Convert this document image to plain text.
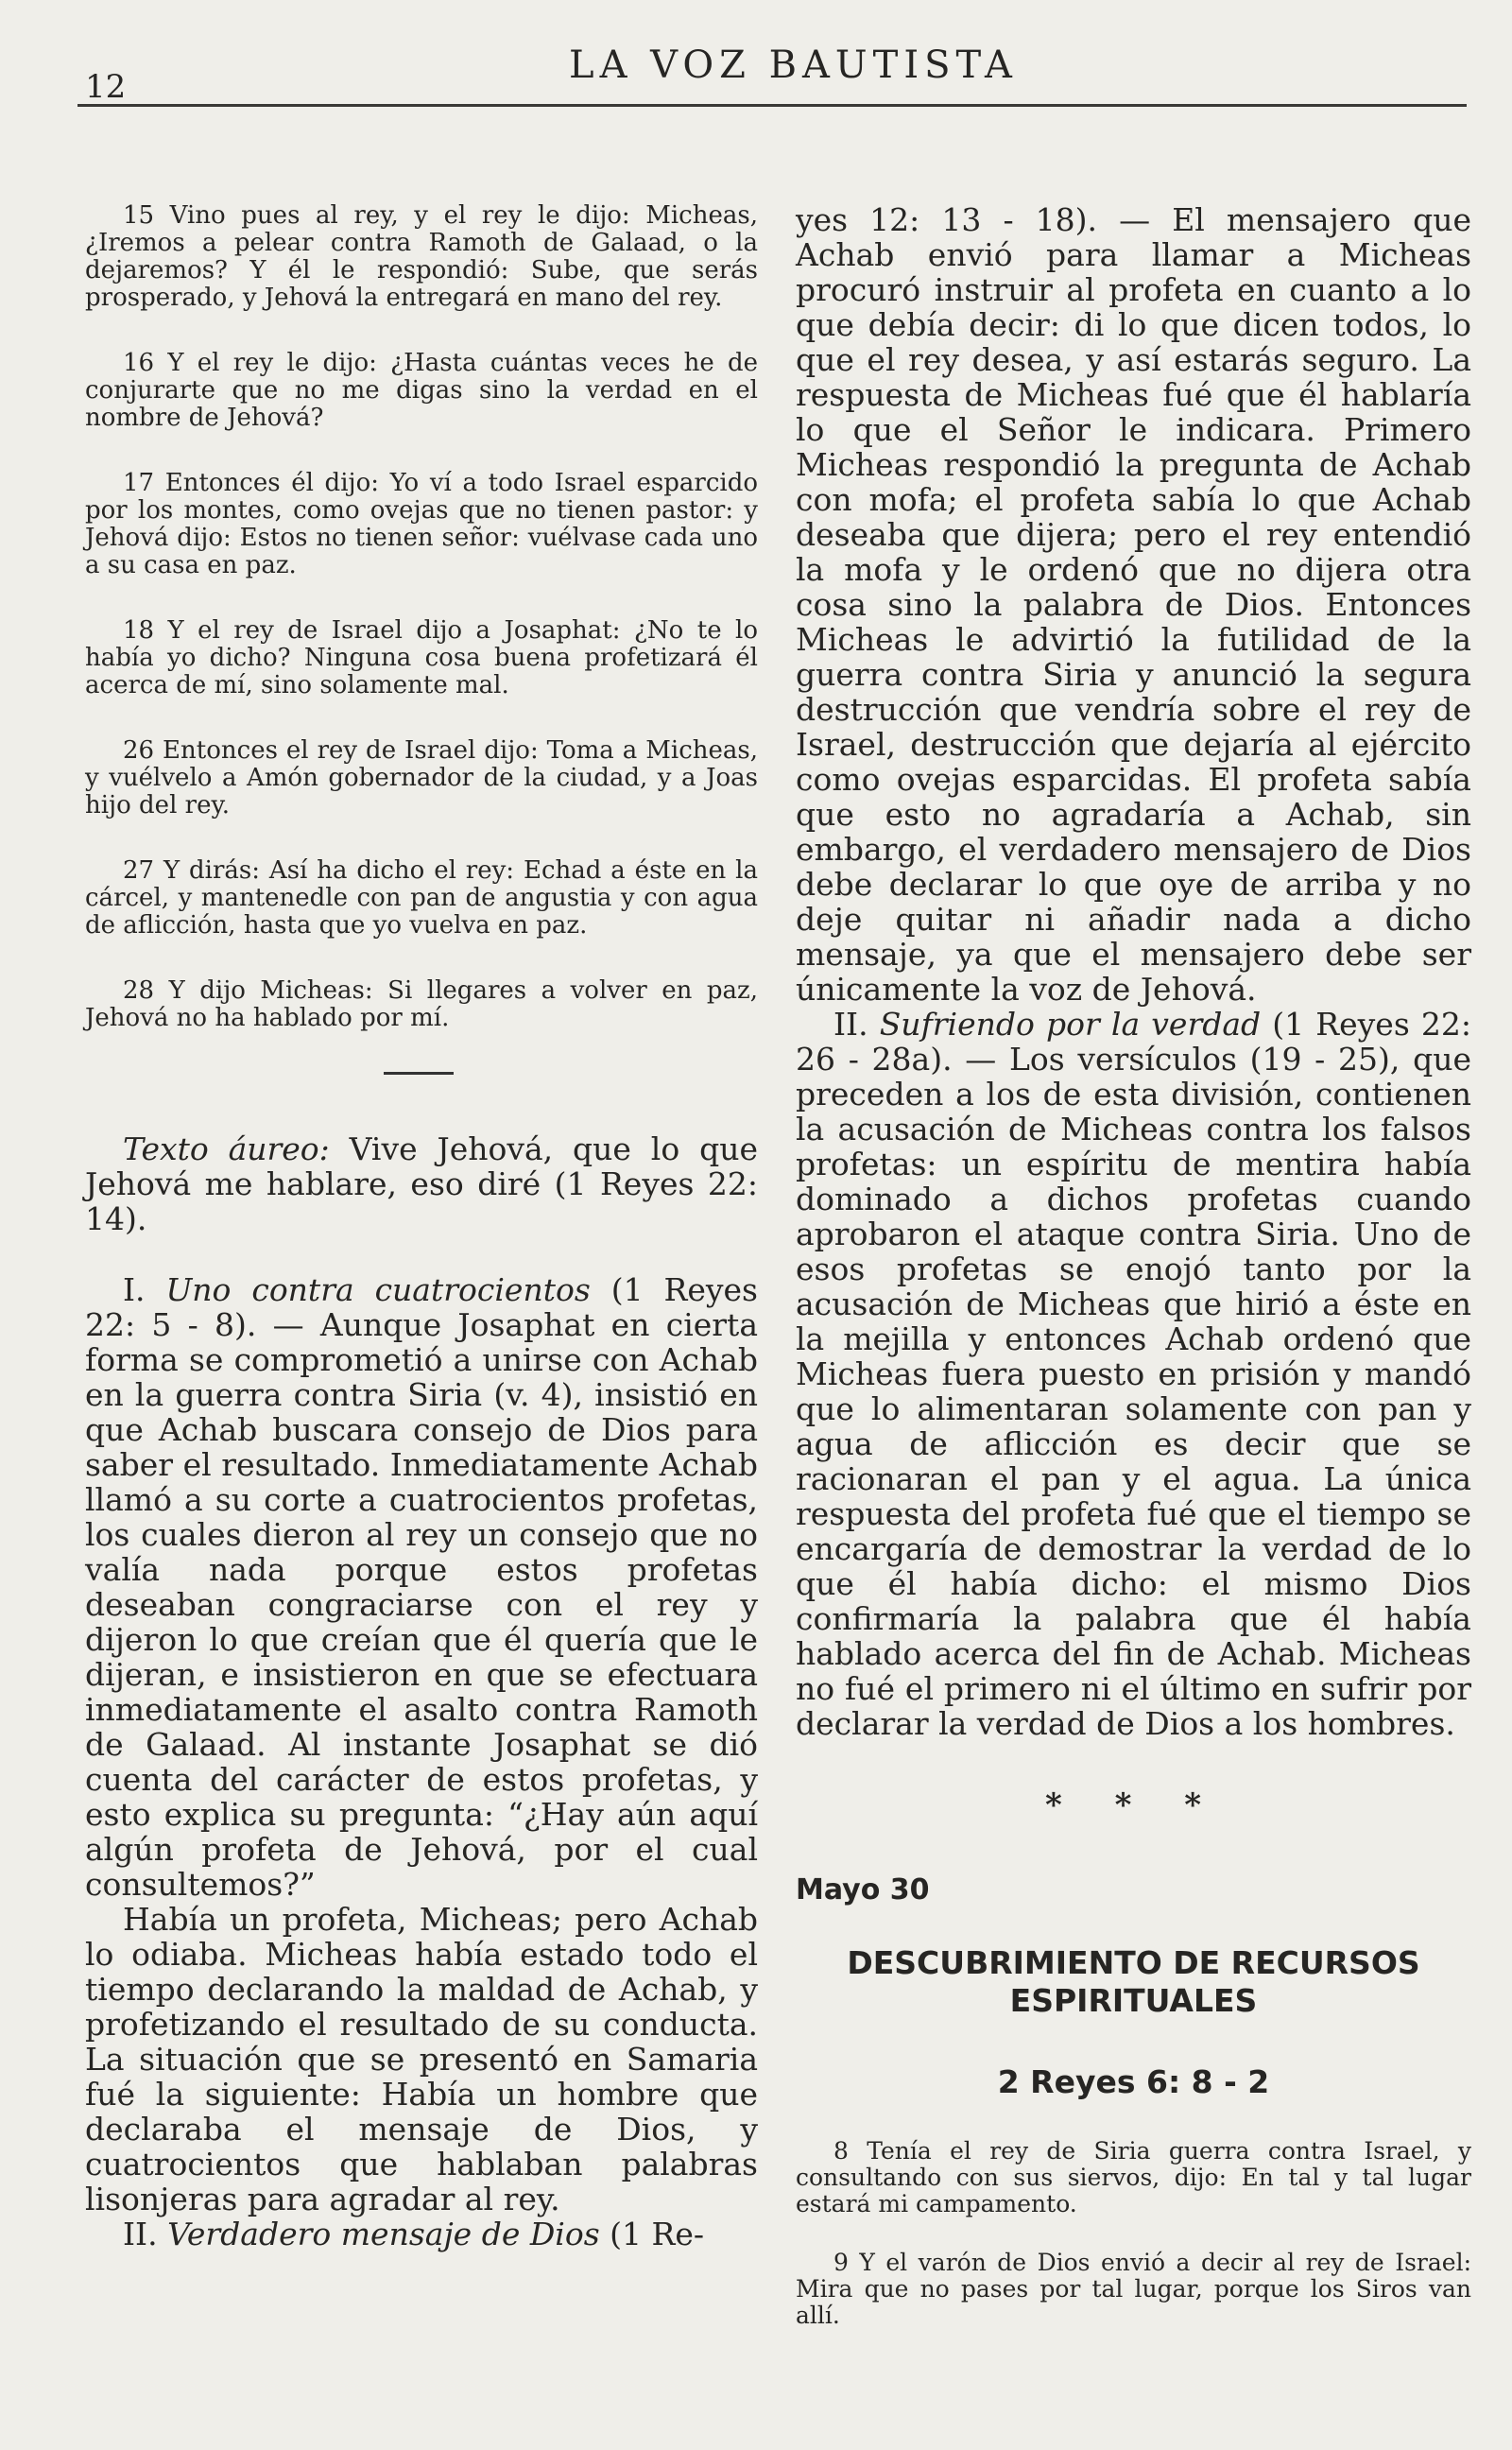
12	LA VOZ BAUTISTA

15 Vino pues al rey, y el rey le dijo: Micheas, ¿Iremos a pelear contra Ramoth de Galaad, o la dejaremos? Y él le respondió: Sube, que serás prosperado, y Jehová la entregará en mano del rey.

16 Y el rey le dijo: ¿Hasta cuántas veces he de conjurarte que no me digas sino la verdad en el nombre de Jehová?

17 Entonces él dijo: Yo ví a todo Israel esparcido por los montes, como ovejas que no tienen pastor: y Jehová dijo: Estos no tienen señor: vuélvase cada uno a su casa en paz.

18 Y el rey de Israel dijo a Josaphat: ¿No te lo había yo dicho? Ninguna cosa buena profetizará él acerca de mí, sino solamente mal.

26 Entonces el rey de Israel dijo: Toma a Micheas, y vuélvelo a Amón gobernador de la ciudad, y a Joas hijo del rey.

27 Y dirás: Así ha dicho el rey: Echad a éste en la cárcel, y mantenedle con pan de angustia y con agua de aflicción, hasta que yo vuelva en paz.

28 Y dijo Micheas: Si llegares a volver en paz, Jehová no ha hablado por mí.

Texto áureo: Vive Jehová, que lo que Jehová me hablare, eso diré (1 Reyes 22: 14).

I. Uno contra cuatrocientos (1 Reyes 22: 5 - 8). — Aunque Josaphat en cierta forma se comprometió a unirse con Achab en la guerra contra Siria (v. 4), insistió en que Achab buscara consejo de Dios para saber el resultado. Inmediatamente Achab llamó a su corte a cuatrocientos profetas, los cuales dieron al rey un consejo que no valía nada porque estos profetas deseaban congraciarse con el rey y dijeron lo que creían que él quería que le dijeran, e insistieron en que se efectuara inmediatamente el asalto contra Ramoth de Galaad. Al instante Josaphat se dió cuenta del carácter de estos profetas, y esto explica su pregunta: “¿Hay aún aquí algún profeta de Jehová, por el cual consultemos?”

Había un profeta, Micheas; pero Achab lo odiaba. Micheas había estado todo el tiempo declarando la maldad de Achab, y profetizando el resultado de su conducta. La situación que se presentó en Samaria fué la siguiente: Había un hombre que declaraba el mensaje de Dios, y cuatrocientos que hablaban palabras lisonjeras para agradar al rey.

II. Verdadero mensaje de Dios (1 Re-

yes 12: 13 - 18). — El mensajero que Achab envió para llamar a Micheas procuró instruir al profeta en cuanto a lo que debía decir: di lo que dicen todos, lo que el rey desea, y así estarás seguro. La respuesta de Micheas fué que él hablaría lo que el Señor le indicara. Primero Micheas respondió la pregunta de Achab con mofa; el profeta sabía lo que Achab deseaba que dijera; pero el rey entendió la mofa y le ordenó que no dijera otra cosa sino la palabra de Dios. Entonces Micheas le advirtió la futilidad de la guerra contra Siria y anunció la segura destrucción que vendría sobre el rey de Israel, destrucción que dejaría al ejército como ovejas esparcidas. El profeta sabía que esto no agradaría a Achab, sin embargo, el verdadero mensajero de Dios debe declarar lo que oye de arriba y no deje quitar ni añadir nada a dicho mensaje, ya que el mensajero debe ser únicamente la voz de Jehová.

II. Sufriendo por la verdad (1 Reyes 22: 26 - 28a). — Los versículos (19 - 25), que preceden a los de esta división, contienen la acusación de Micheas contra los falsos profetas: un espíritu de mentira había dominado a dichos profetas cuando aprobaron el ataque contra Siria. Uno de esos profetas se enojó tanto por la acusación de Micheas que hirió a éste en la mejilla y entonces Achab ordenó que Micheas fuera puesto en prisión y mandó que lo alimentaran solamente con pan y agua de aflicción es decir que se racionaran el pan y el agua. La única respuesta del profeta fué que el tiempo se encargaría de demostrar la verdad de lo que él había dicho: el mismo Dios confirmaría la palabra que él había hablado acerca del fin de Achab. Micheas no fué el primero ni el último en sufrir por declarar la verdad de Dios a los hombres.

* * *
Mayo 30
DESCUBRIMIENTO DE RECURSOS
ESPIRITUALES
2 Reyes 6: 8 - 2

8 Tenía el rey de Siria guerra contra Israel, y consultando con sus siervos, dijo: En tal y tal lugar estará mi campamento.

9 Y el varón de Dios envió a decir al rey de Israel: Mira que no pases por tal lugar, porque los Siros van allí.
